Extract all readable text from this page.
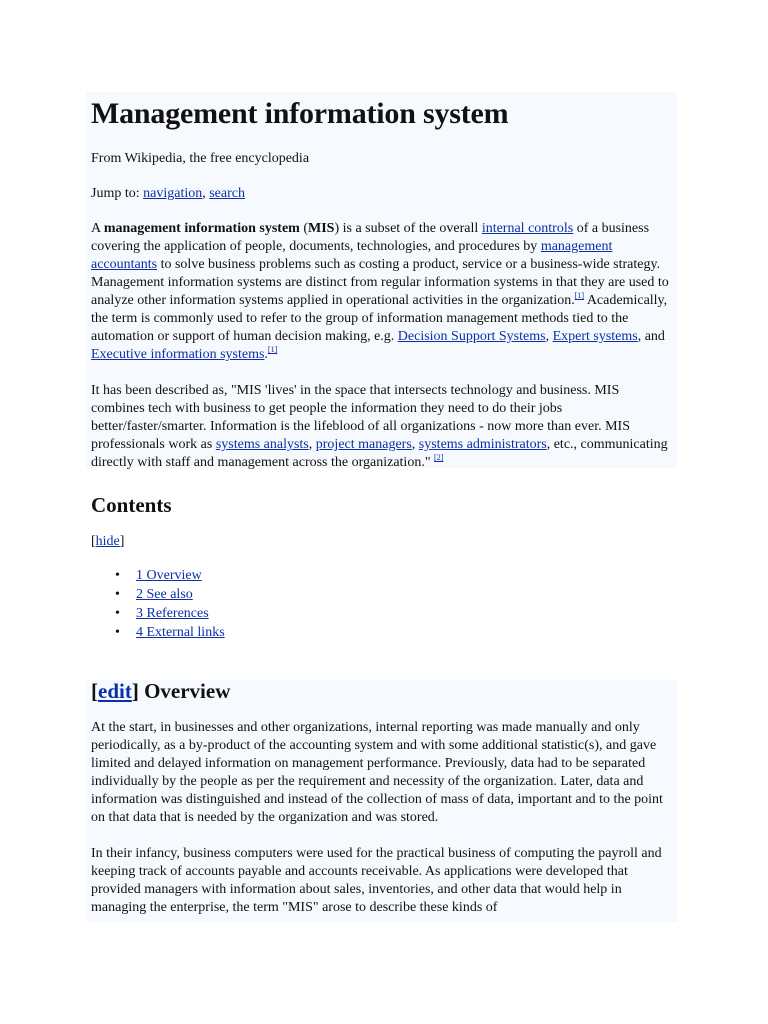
Management information system

From Wikipedia, the free encyclopedia

Jump to: navigation, search

A management information system (MIS) is a subset of the overall internal controls of a business covering the application of people, documents, technologies, and procedures by management accountants to solve business problems such as costing a product, service or a business-wide strategy. Management information systems are distinct from regular information systems in that they are used to analyze other information systems applied in operational activities in the organization.[1] Academically, the term is commonly used to refer to the group of information management methods tied to the automation or support of human decision making, e.g. Decision Support Systems, Expert systems, and Executive information systems.[1]

It has been described as, "MIS 'lives' in the space that intersects technology and business. MIS combines tech with business to get people the information they need to do their jobs better/faster/smarter. Information is the lifeblood of all organizations - now more than ever. MIS professionals work as systems analysts, project managers, systems administrators, etc., communicating directly with staff and management across the organization." [2]

Contents

[hide]

• 1 Overview
• 2 See also
• 3 References
• 4 External links
[edit] Overview

At the start, in businesses and other organizations, internal reporting was made manually and only periodically, as a by-product of the accounting system and with some additional statistic(s), and gave limited and delayed information on management performance. Previously, data had to be separated individually by the people as per the requirement and necessity of the organization. Later, data and information was distinguished and instead of the collection of mass of data, important and to the point on that data that is needed by the organization and was stored.

In their infancy, business computers were used for the practical business of computing the payroll and keeping track of accounts payable and accounts receivable. As applications were developed that provided managers with information about sales, inventories, and other data that would help in managing the enterprise, the term "MIS" arose to describe these kinds of
